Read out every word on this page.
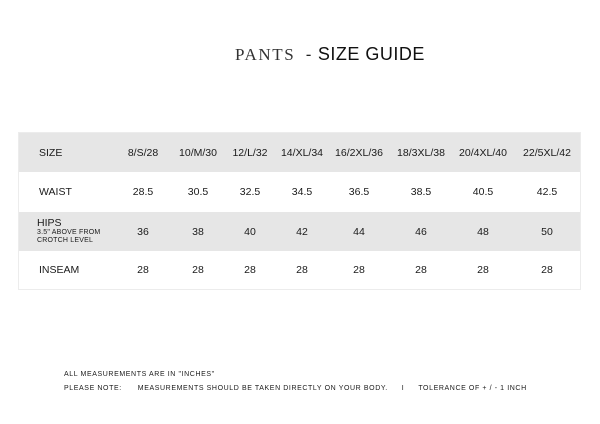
PANTS - SIZE GUIDE
SIZE	8/S/28	10/M/30	12/L/32	14/XL/34	16/2XL/36	18/3XL/38	20/4XL/40	22/5XL/42
WAIST	28.5	30.5	32.5	34.5	36.5	38.5	40.5	42.5

HIPS
3.5" ABOVE FROM
CROTCH LEVEL	36	38	40	42	44	46	48	50
INSEAM	28	28	28	28	28	28	28	28
ALL MEASUREMENTS ARE IN "INCHES"
PLEASE NOTE: MEASUREMENTS SHOULD BE TAKEN DIRECTLY ON YOUR BODY. I TOLERANCE OF + / - 1 INCH
